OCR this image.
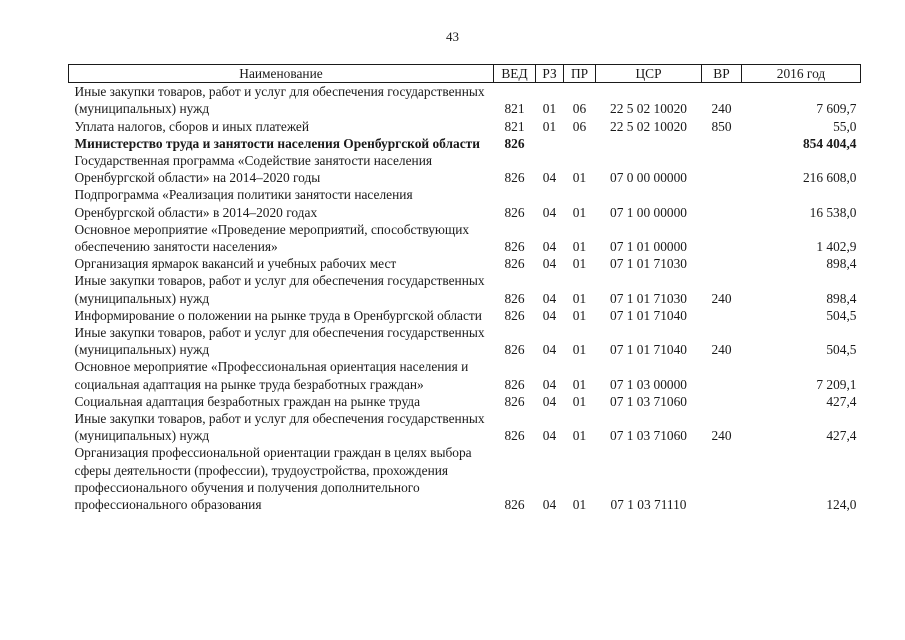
43
Наименование	ВЕД	РЗ	ПР	ЦСР	ВР	2016 год
Иные закупки товаров, работ и услуг для обеспечения государственных (муниципальных) нужд	821	01	06	22 5 02 10020	240	7 609,7
Уплата налогов, сборов и иных платежей	821	01	06	22 5 02 10020	850	55,0
Министерство труда и занятости населения Оренбургской области	826					854 404,4
Государственная программа «Содействие занятости населения Оренбургской области» на 2014–2020 годы	826	04	01	07 0 00 00000		216 608,0
Подпрограмма «Реализация политики занятости населения Оренбургской области» в 2014–2020 годах	826	04	01	07 1 00 00000		16 538,0
Основное мероприятие «Проведение мероприятий, способствующих обеспечению занятости населения»	826	04	01	07 1 01 00000		1 402,9
Организация ярмарок вакансий и учебных рабочих мест	826	04	01	07 1 01 71030		898,4
Иные закупки товаров, работ и услуг для обеспечения государственных (муниципальных) нужд	826	04	01	07 1 01 71030	240	898,4
Информирование о положении на рынке труда в Оренбургской области	826	04	01	07 1 01 71040		504,5
Иные закупки товаров, работ и услуг для обеспечения государственных (муниципальных) нужд	826	04	01	07 1 01 71040	240	504,5
Основное мероприятие «Профессиональная ориентация населения и социальная адаптация на рынке труда безработных граждан»	826	04	01	07 1 03 00000		7 209,1
Социальная адаптация безработных граждан на рынке труда	826	04	01	07 1 03 71060		427,4
Иные закупки товаров, работ и услуг для обеспечения государственных (муниципальных) нужд	826	04	01	07 1 03 71060	240	427,4
Организация профессиональной ориентации граждан в целях выбора сферы деятельности (профессии), трудоустройства, прохождения профессионального обучения и получения дополнительного профессионального образования	826	04	01	07 1 03 71110		124,0
